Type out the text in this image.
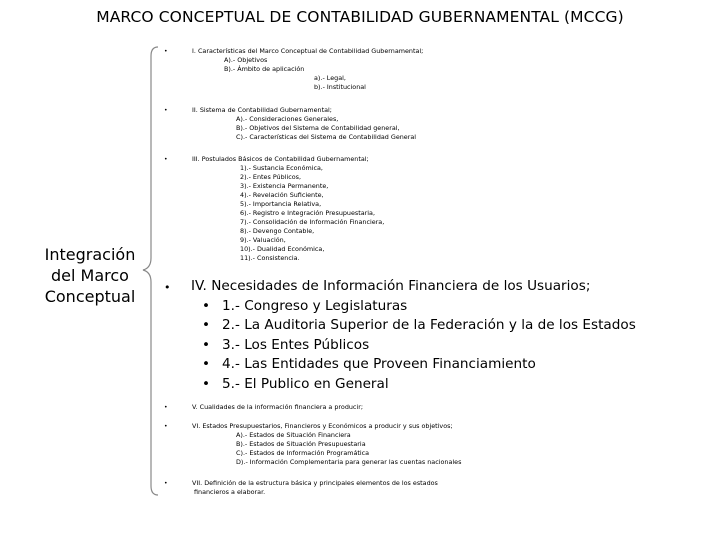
MARCO CONCEPTUAL DE CONTABILIDAD GUBERNAMENTAL (MCCG)
Integración
del Marco
Conceptual
•	I. Características del Marco Conceptual de Contabilidad Gubernamental;
A).- Objetivos
B).- Ámbito de aplicación
a).- Legal,
b).- Institucional
•	II. Sistema de Contabilidad Gubernamental;
A).- Consideraciones Generales,
B).- Objetivos del Sistema de Contabilidad general,
C).- Características del Sistema de Contabilidad General
•	III. Postulados Básicos de Contabilidad Gubernamental;
1).- Sustancia Económica,
2).- Entes Públicos,
3).- Existencia Permanente,
4).- Revelación Suficiente,
5).- Importancia Relativa,
6).- Registro e Integración Presupuestaria,
7).- Consolidación de Información Financiera,
8).- Devengo Contable,
9).- Valuación,
10).- Dualidad Económica,
11).- Consistencia.
• IV. Necesidades de Información Financiera de los Usuarios;
• 1.- Congreso y Legislaturas
• 2.- La Auditoria Superior de la Federación y la de los Estados
• 3.- Los Entes Públicos
• 4.- Las Entidades que Proveen Financiamiento
• 5.- El Publico en General
•	V. Cualidades de la información financiera a producir;
•	VI. Estados Presupuestarios, Financieros y Económicos a producir y sus objetivos;
A).- Estados de Situación Financiera
B).- Estados de Situación Presupuestaria
C).- Estados de Información Programática
D).- Información Complementaria para generar las cuentas nacionales
•	VII. Definición de la estructura básica y principales elementos de los estados
financieros a elaborar.
